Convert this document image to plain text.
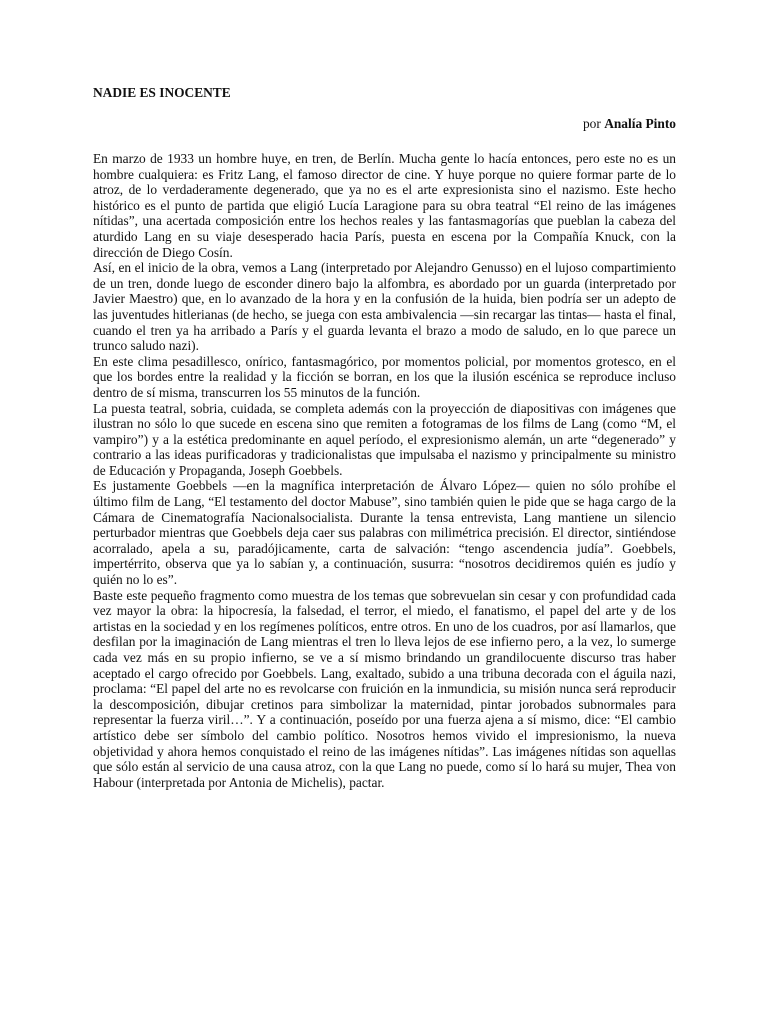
NADIE ES INOCENTE
por Analía Pinto

En marzo de 1933 un hombre huye, en tren, de Berlín. Mucha gente lo hacía entonces, pero este no es un hombre cualquiera: es Fritz Lang, el famoso director de cine. Y huye porque no quiere formar parte de lo atroz, de lo verdaderamente degenerado, que ya no es el arte expresionista sino el nazismo. Este hecho histórico es el punto de partida que eligió Lucía Laragione para su obra teatral “El reino de las imágenes nítidas”, una acertada composición entre los hechos reales y las fantasmagorías que pueblan la cabeza del aturdido Lang en su viaje desesperado hacia París, puesta en escena por la Compañía Knuck, con la dirección de Diego Cosín.

Así, en el inicio de la obra, vemos a Lang (interpretado por Alejandro Genusso) en el lujoso compartimiento de un tren, donde luego de esconder dinero bajo la alfombra, es abordado por un guarda (interpretado por Javier Maestro) que, en lo avanzado de la hora y en la confusión de la huida, bien podría ser un adepto de las juventudes hitlerianas (de hecho, se juega con esta ambivalencia —sin recargar las tintas— hasta el final, cuando el tren ya ha arribado a París y el guarda levanta el brazo a modo de saludo, en lo que parece un trunco saludo nazi).

En este clima pesadillesco, onírico, fantasmagórico, por momentos policial, por momentos grotesco, en el que los bordes entre la realidad y la ficción se borran, en los que la ilusión escénica se reproduce incluso dentro de sí misma, transcurren los 55 minutos de la función.

La puesta teatral, sobria, cuidada, se completa además con la proyección de diapositivas con imágenes que ilustran no sólo lo que sucede en escena sino que remiten a fotogramas de los films de Lang (como “M, el vampiro”) y a la estética predominante en aquel período, el expresionismo alemán, un arte “degenerado” y contrario a las ideas purificadoras y tradicionalistas que impulsaba el nazismo y principalmente su ministro de Educación y Propaganda, Joseph Goebbels.

Es justamente Goebbels —en la magnífica interpretación de Álvaro López— quien no sólo prohíbe el último film de Lang, “El testamento del doctor Mabuse”, sino también quien le pide que se haga cargo de la Cámara de Cinematografía Nacionalsocialista. Durante la tensa entrevista, Lang mantiene un silencio perturbador mientras que Goebbels deja caer sus palabras con milimétrica precisión. El director, sintiéndose acorralado, apela a su, paradójicamente, carta de salvación: “tengo ascendencia judía”. Goebbels, impertérrito, observa que ya lo sabían y, a continuación, susurra: “nosotros decidiremos quién es judío y quién no lo es”.

Baste este pequeño fragmento como muestra de los temas que sobrevuelan sin cesar y con profundidad cada vez mayor la obra: la hipocresía, la falsedad, el terror, el miedo, el fanatismo, el papel del arte y de los artistas en la sociedad y en los regímenes políticos, entre otros. En uno de los cuadros, por así llamarlos, que desfilan por la imaginación de Lang mientras el tren lo lleva lejos de ese infierno pero, a la vez, lo sumerge cada vez más en su propio infierno, se ve a sí mismo brindando un grandilocuente discurso tras haber aceptado el cargo ofrecido por Goebbels. Lang, exaltado, subido a una tribuna decorada con el águila nazi, proclama: “El papel del arte no es revolcarse con fruición en la inmundicia, su misión nunca será reproducir la descomposición, dibujar cretinos para simbolizar la maternidad, pintar jorobados subnormales para representar la fuerza viril…”. Y a continuación, poseído por una fuerza ajena a sí mismo, dice: “El cambio artístico debe ser símbolo del cambio político. Nosotros hemos vivido el impresionismo, la nueva objetividad y ahora hemos conquistado el reino de las imágenes nítidas”. Las imágenes nítidas son aquellas que sólo están al servicio de una causa atroz, con la que Lang no puede, como sí lo hará su mujer, Thea von Habour (interpretada por Antonia de Michelis), pactar.
